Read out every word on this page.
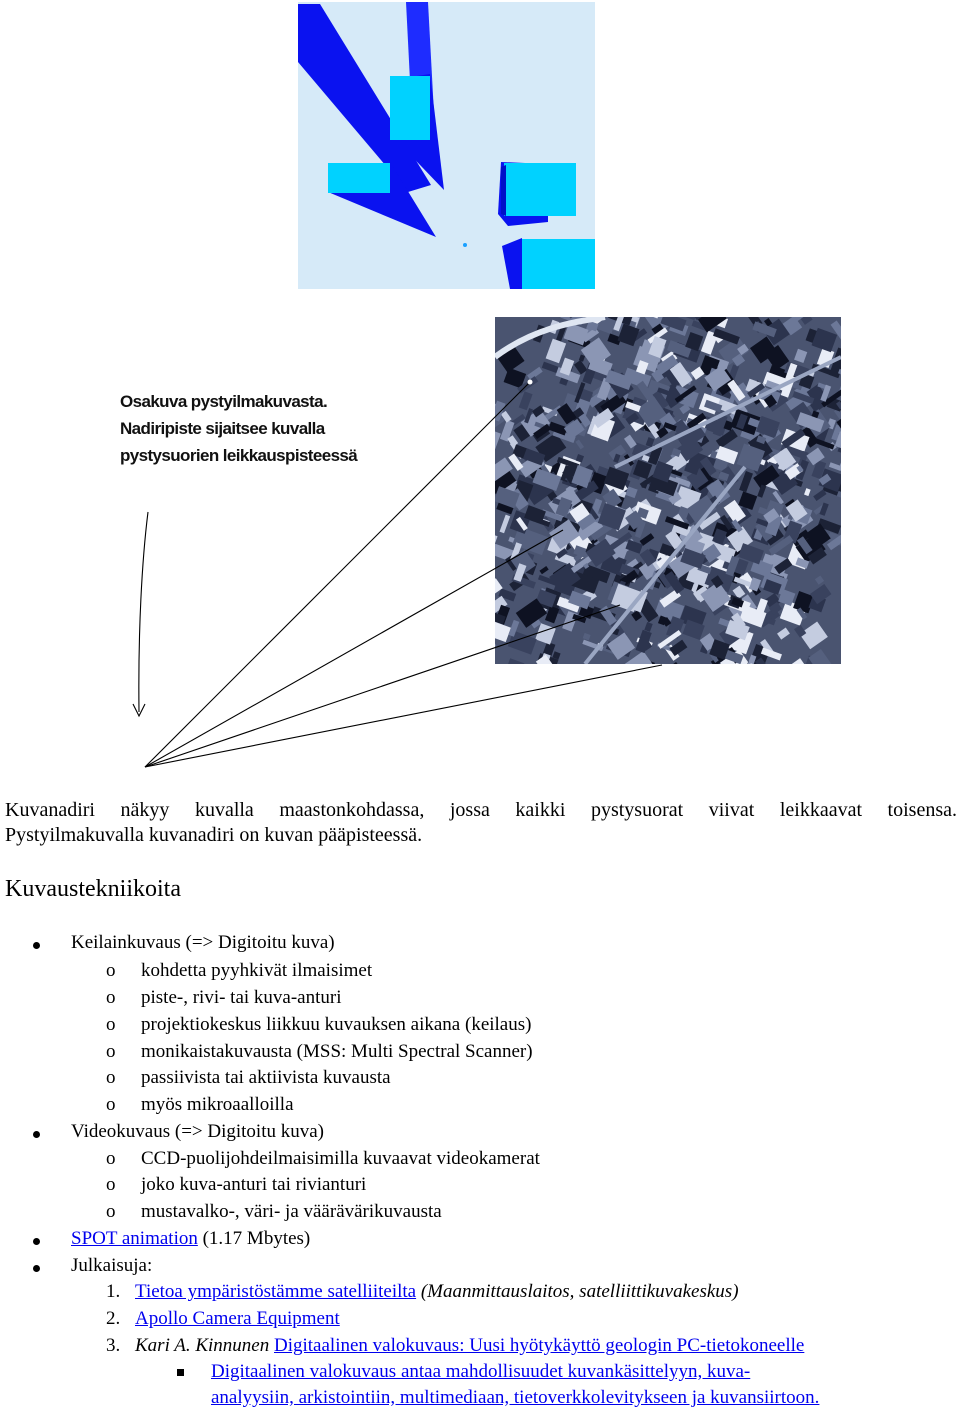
Osakuva pystyilmakuvasta.
Nadiripiste sijaitsee kuvalla
pystysuorien leikkauspisteessä
Kuvanadiri näkyy kuvalla maastonkohdassa, jossa kaikki pystysuorat viivat leikkaavat toisensa.
Pystyilmakuvalla kuvanadiri on kuvan pääpisteessä.
Kuvaustekniikoita
Keilainkuvaus (=> Digitoitu kuva)
o kohdetta pyyhkivät ilmaisimet
o piste-, rivi- tai kuva-anturi
o projektiokeskus liikkuu kuvauksen aikana (keilaus)
o monikaistakuvausta (MSS: Multi Spectral Scanner)
o passiivista tai aktiivista kuvausta
o myös mikroaalloilla
Videokuvaus (=> Digitoitu kuva)
o CCD-puolijohdeilmaisimilla kuvaavat videokamerat
o joko kuva-anturi tai rivianturi
o mustavalko-, väri- ja väärävärikuvausta
SPOT animation (1.17 Mbytes)
Julkaisuja:
1. Tietoa ympäristöstämme satelliiteilta (Maanmittauslaitos, satelliittikuvakeskus)
2. Apollo Camera Equipment
3. Kari A. Kinnunen Digitaalinen valokuvaus: Uusi hyötykäyttö geologin PC-tietokoneelle
Digitaalinen valokuvaus antaa mahdollisuudet kuvankäsittelyyn, kuva-
analyysiin, arkistointiin, multimediaan, tietoverkkolevitykseen ja kuvansiirtoon.
